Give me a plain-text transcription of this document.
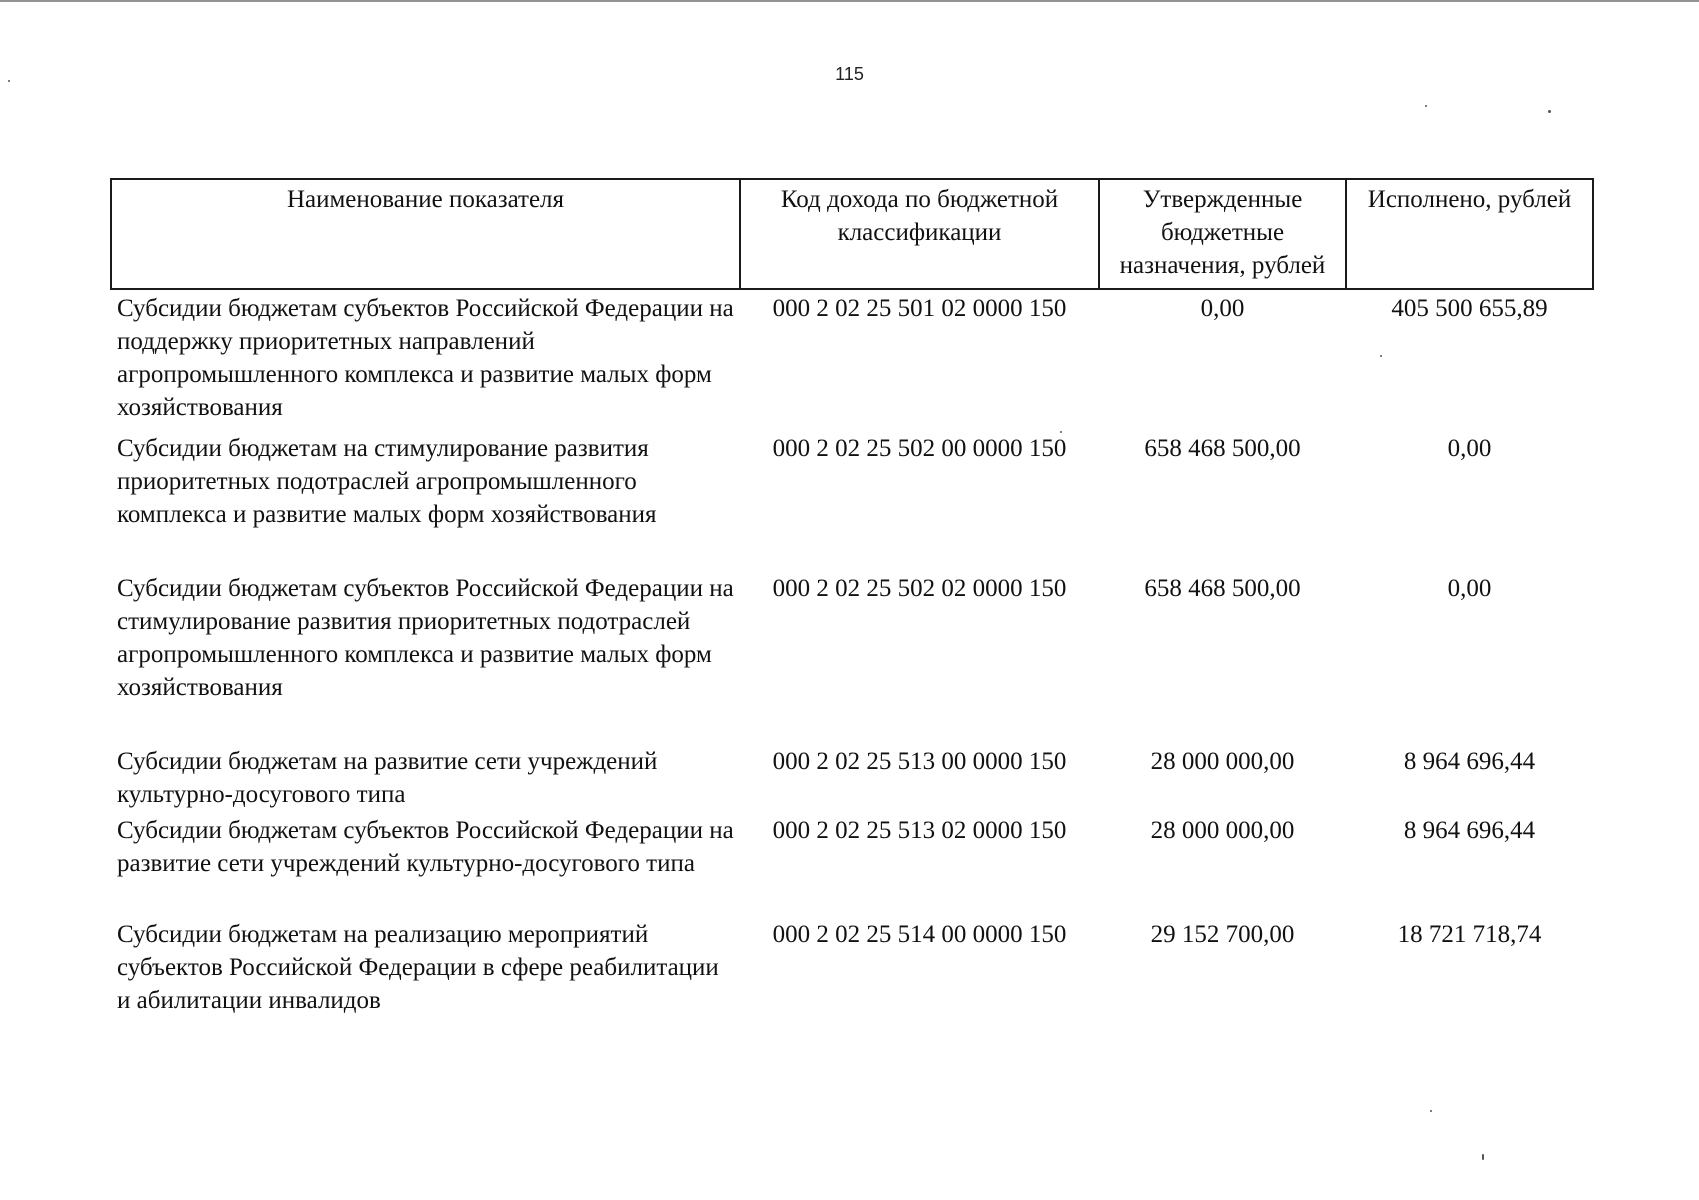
115
Наименование показателя	Код дохода по бюджетной классификации	Утвержденные бюджетные назначения, рублей	Исполнено, рублей
Субсидии бюджетам субъектов Российской Федерации на поддержку приоритетных направлений агропромышленного комплекса и развитие малых форм хозяйствования	000 2 02 25 501 02 0000 150	0,00	405 500 655,89
Субсидии бюджетам на стимулирование развития приоритетных подотраслей агропромышленного комплекса и развитие малых форм хозяйствования	000 2 02 25 502 00 0000 150	658 468 500,00	0,00
Субсидии бюджетам субъектов Российской Федерации на стимулирование развития приоритетных подотраслей агропромышленного комплекса и развитие малых форм хозяйствования	000 2 02 25 502 02 0000 150	658 468 500,00	0,00
Субсидии бюджетам на развитие сети учреждений культурно-досугового типа	000 2 02 25 513 00 0000 150	28 000 000,00	8 964 696,44
Субсидии бюджетам субъектов Российской Федерации на развитие сети учреждений культурно-досугового типа	000 2 02 25 513 02 0000 150	28 000 000,00	8 964 696,44
Субсидии бюджетам на реализацию мероприятий субъектов Российской Федерации в сфере реабилитации и абилитации инвалидов	000 2 02 25 514 00 0000 150	29 152 700,00	18 721 718,74
